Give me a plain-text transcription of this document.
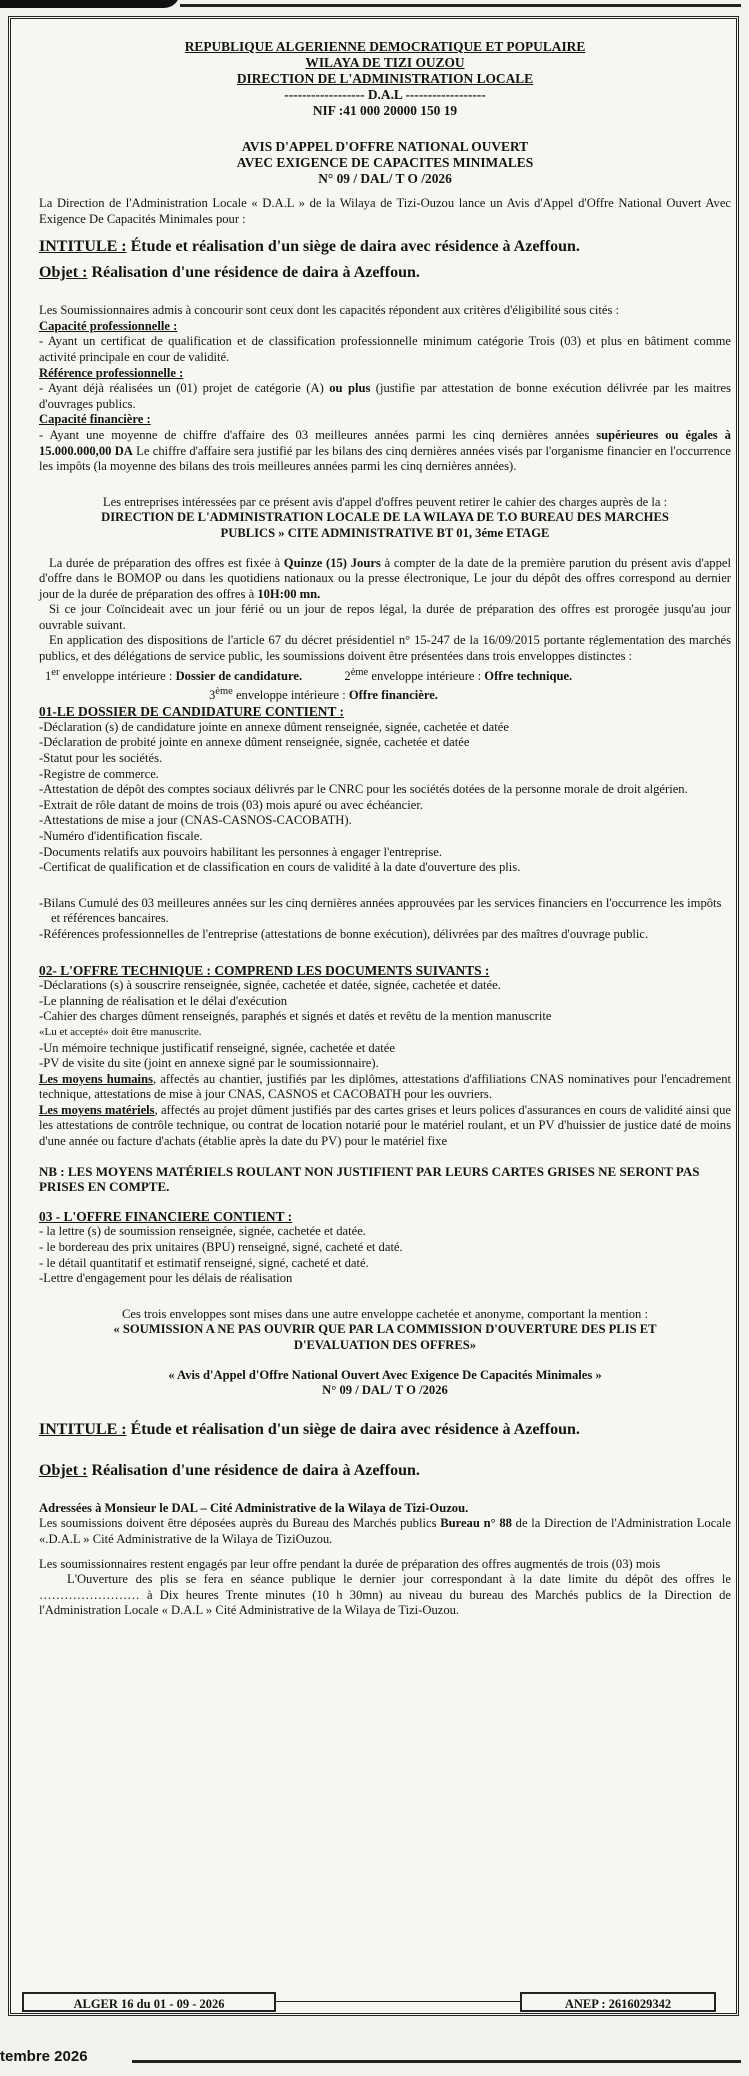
REPUBLIQUE ALGERIENNE DEMOCRATIQUE ET POPULAIRE

WILAYA DE TIZI OUZOU

DIRECTION DE L'ADMINISTRATION LOCALE

------------------ D.A.L ------------------

NIF :41 000 20000 150 19

AVIS D'APPEL D'OFFRE NATIONAL OUVERT

AVEC EXIGENCE DE CAPACITES MINIMALES

N° 09 / DAL/ T O /2026

La Direction de l'Administration Locale « D.A.L » de la Wilaya de Tizi-Ouzou lance un Avis d'Appel d'Offre National Ouvert Avec Exigence De Capacités Minimales pour :

INTITULE : Étude et réalisation d'un siège de daira avec résidence à Azeffoun.

Objet : Réalisation d'une résidence de daira à Azeffoun.

Les Soumissionnaires admis à concourir sont ceux dont les capacités répondent aux critères d'éligibilité sous cités :

Capacité professionnelle :

- Ayant un certificat de qualification et de classification professionnelle minimum catégorie Trois (03) et plus en bâtiment comme activité principale en cour de validité.

Référence professionnelle :

- Ayant déjà réalisées un (01) projet de catégorie (A) ou plus (justifie par attestation de bonne exécution délivrée par les maitres d'ouvrages publics.

Capacité financière :

- Ayant une moyenne de chiffre d'affaire des 03 meilleures années parmi les cinq dernières années supérieures ou égales à 15.000.000,00 DA Le chiffre d'affaire sera justifié par les bilans des cinq dernières années visés par l'organisme financier en l'occurrence les impôts (la moyenne des bilans des trois meilleures années parmi les cinq dernières années).

Les entreprises intéressées par ce présent avis d'appel d'offres peuvent retirer le cahier des charges auprès de la :

DIRECTION DE L'ADMINISTRATION LOCALE DE LA WILAYA DE T.O BUREAU DES MARCHES

PUBLICS » CITE ADMINISTRATIVE BT 01, 3éme ETAGE

La durée de préparation des offres est fixée à Quinze (15) Jours à compter de la date de la première parution du présent avis d'appel d'offre dans le BOMOP ou dans les quotidiens nationaux ou la presse électronique, Le jour du dépôt des offres correspond au dernier jour de la durée de préparation des offres à 10H:00 mn.

Si ce jour Coïncideait avec un jour férié ou un jour de repos légal, la durée de préparation des offres est prorogée jusqu'au jour ouvrable suivant.

En application des dispositions de l'article 67 du décret présidentiel n° 15-247 de la 16/09/2015 portante réglementation des marchés publics, et des délégations de service public, les soumissions doivent être présentées dans trois enveloppes distinctes :

1er enveloppe intérieure : Dossier de candidature.	2ème enveloppe intérieure : Offre technique.

3ème enveloppe intérieure : Offre financière.

01-LE DOSSIER DE CANDIDATURE CONTIENT :

-Déclaration (s) de candidature jointe en annexe dûment renseignée, signée, cachetée et datée
-Déclaration de probité jointe en annexe dûment renseignée, signée, cachetée et datée
-Statut pour les sociétés.
-Registre de commerce.
-Attestation de dépôt des comptes sociaux délivrés par le CNRC pour les sociétés dotées de la personne morale de droit algérien.
-Extrait de rôle datant de moins de trois (03) mois apuré ou avec échéancier.
-Attestations de mise a jour (CNAS-CASNOS-CACOBATH).
-Numéro d'identification fiscale.
-Documents relatifs aux pouvoirs habilitant les personnes à engager l'entreprise.
-Certificat de qualification et de classification en cours de validité à la date d'ouverture des plis.
-Bilans Cumulé des 03 meilleures années sur les cinq dernières années approuvées par les services financiers en l'occurrence les impôts et références bancaires.
-Références professionnelles de l'entreprise (attestations de bonne exécution), délivrées par des maîtres d'ouvrage public.

02- L'OFFRE TECHNIQUE : COMPREND LES DOCUMENTS SUIVANTS :

-Déclarations (s) à souscrire renseignée, signée, cachetée et datée, signée, cachetée et datée.
-Le planning de réalisation et le délai d'exécution
-Cahier des charges dûment renseignés, paraphés et signés et datés et revêtu de la mention manuscrite
«Lu et accepté» doit être manuscrite.
-Un mémoire technique justificatif renseigné, signée, cachetée et datée
-PV de visite du site (joint en annexe signé par le soumissionnaire).

Les moyens humains, affectés au chantier, justifiés par les diplômes, attestations d'affiliations CNAS nominatives pour l'encadrement technique, attestations de mise à jour CNAS, CASNOS et CACOBATH pour les ouvriers.

Les moyens matériels, affectés au projet dûment justifiés par des cartes grises et leurs polices d'assurances en cours de validité ainsi que les attestations de contrôle technique, ou contrat de location notarié pour le matériel roulant, et un PV d'huissier de justice daté de moins d'une année ou facture d'achats (établie après la date du PV) pour le matériel fixe

NB : LES MOYENS MATÉRIELS ROULANT NON JUSTIFIENT PAR LEURS CARTES GRISES NE SERONT PAS PRISES EN COMPTE.

03 - L'OFFRE FINANCIERE CONTIENT :

- la lettre (s) de soumission renseignée, signée, cachetée et datée.
- le bordereau des prix unitaires (BPU) renseigné, signé, cacheté et daté.
- le détail quantitatif et estimatif renseigné, signé, cacheté et daté.
-Lettre d'engagement pour les délais de réalisation

Ces trois enveloppes sont mises dans une autre enveloppe cachetée et anonyme, comportant la mention :

« SOUMISSION A NE PAS OUVRIR QUE PAR LA COMMISSION D'OUVERTURE DES PLIS ET

D'EVALUATION DES OFFRES»

« Avis d'Appel d'Offre National Ouvert Avec Exigence De Capacités Minimales »

N° 09 / DAL/ T O /2026

INTITULE : Étude et réalisation d'un siège de daira avec résidence à Azeffoun.

Objet : Réalisation d'une résidence de daira à Azeffoun.

Adressées à Monsieur le DAL – Cité Administrative de la Wilaya de Tizi-Ouzou.

Les soumissions doivent être déposées auprès du Bureau des Marchés publics Bureau n° 88 de la Direction de l'Administration Locale «.D.A.L » Cité Administrative de la Wilaya de TiziOuzou.

Les soumissionnaires restent engagés par leur offre pendant la durée de préparation des offres augmentés de trois (03) mois

L'Ouverture des plis se fera en séance publique le dernier jour correspondant à la date limite du dépôt des offres le …………………… à Dix heures Trente minutes (10 h 30mn) au niveau du bureau des Marchés publics de la Direction de l'Administration Locale « D.A.L » Cité Administrative de la Wilaya de Tizi-Ouzou.

ALGER 16 du 01 - 09 - 2026	ANEP : 2616029342
tembre 2026
